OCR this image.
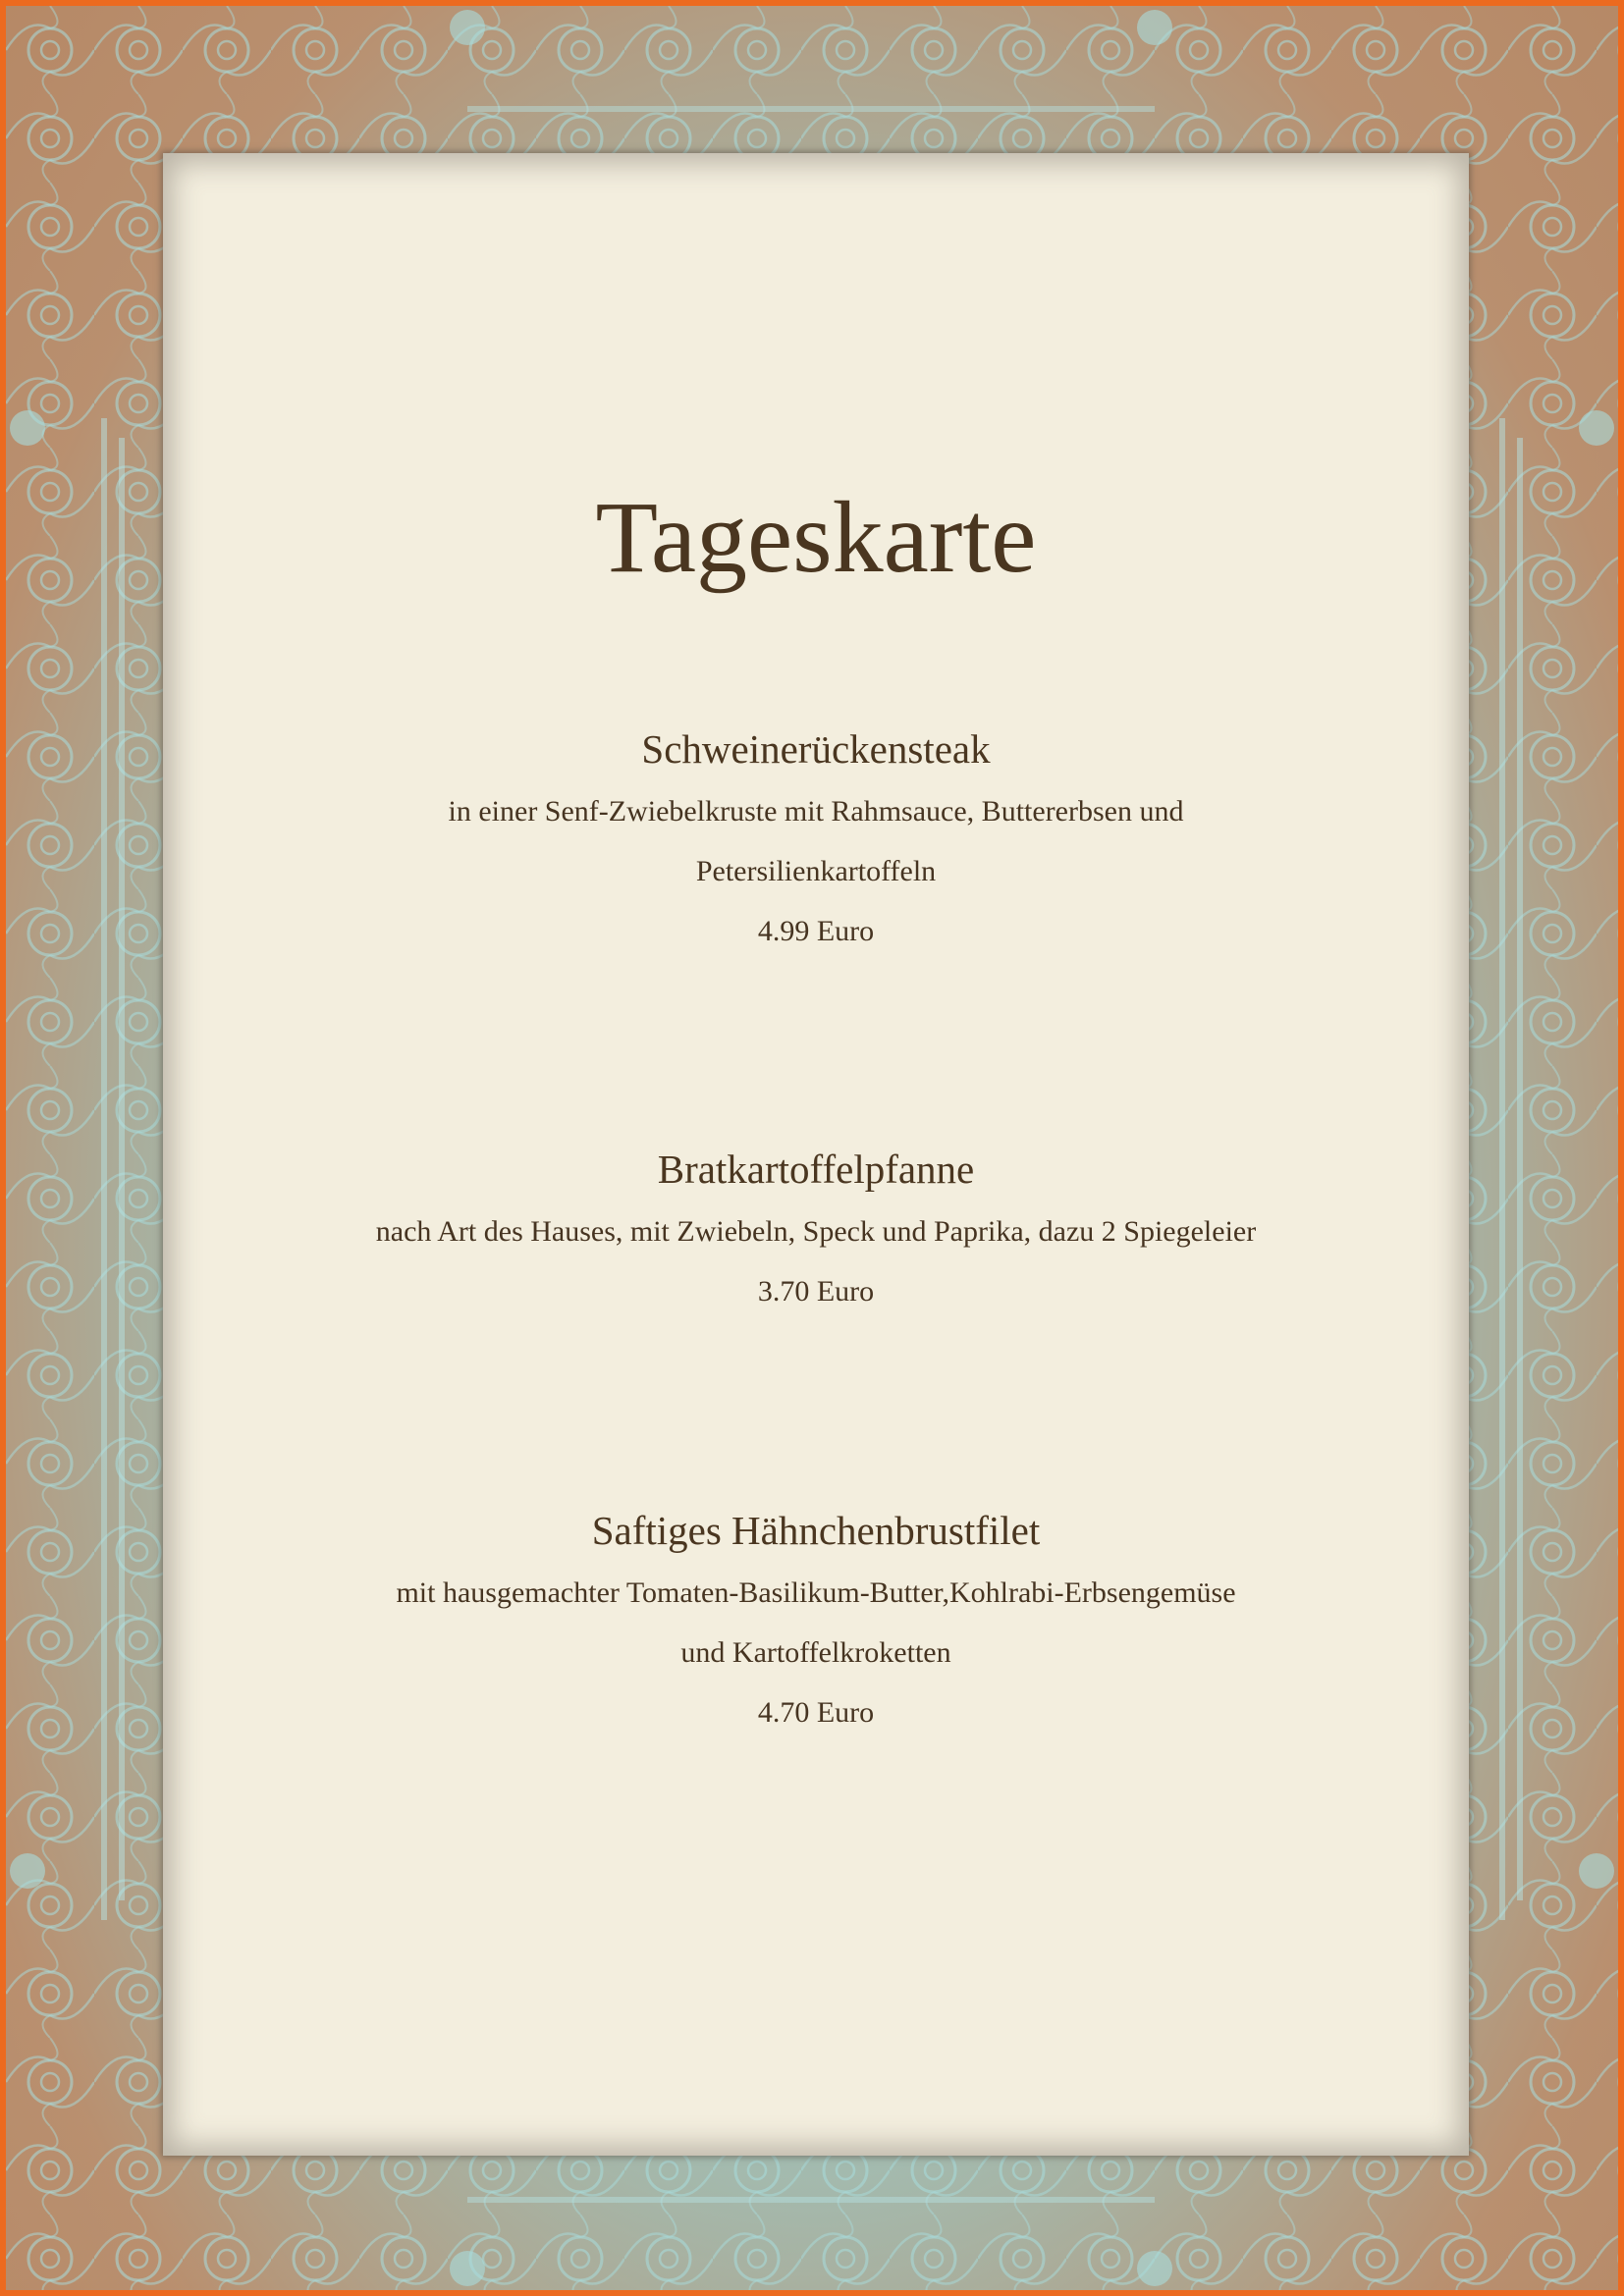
Tageskarte
Schweinerückensteak
in einer Senf-Zwiebelkruste mit Rahmsauce, Buttererbsen und
Petersilienkartoffeln
4.99 Euro
Bratkartoffelpfanne
nach Art des Hauses, mit Zwiebeln, Speck und Paprika, dazu 2 Spiegeleier
3.70 Euro
Saftiges Hähnchenbrustfilet
mit hausgemachter Tomaten-Basilikum-Butter,Kohlrabi-Erbsengemüse
und Kartoffelkroketten
4.70 Euro
